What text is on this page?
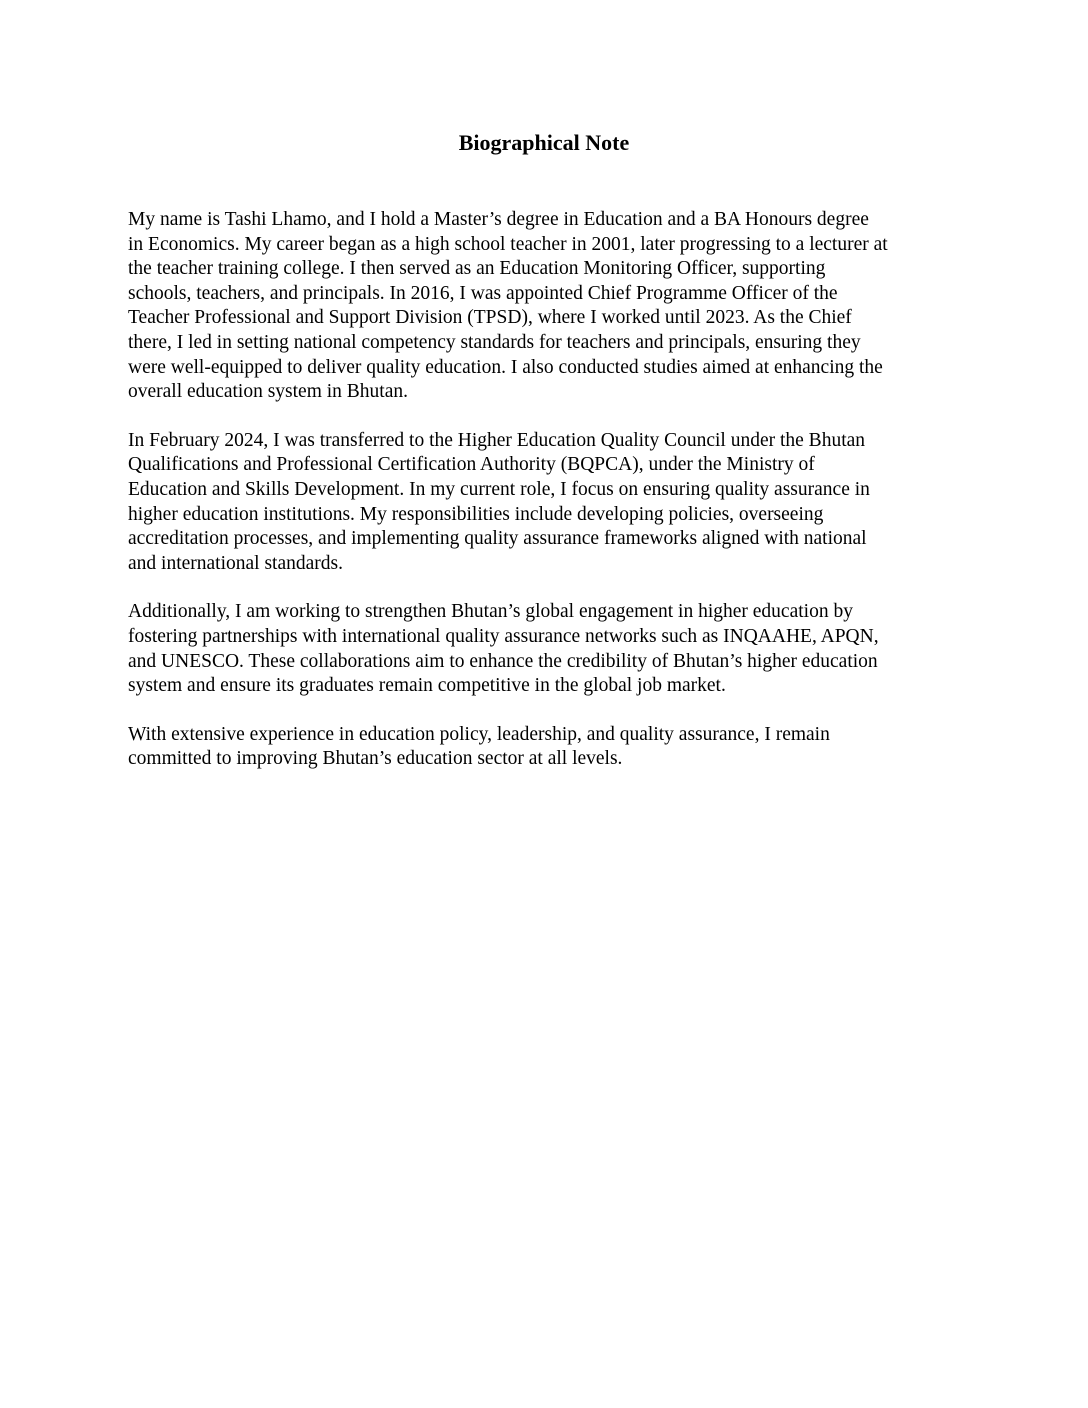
Biographical Note

My name is Tashi Lhamo, and I hold a Master’s degree in Education and a BA Honours degree
in Economics. My career began as a high school teacher in 2001, later progressing to a lecturer at
the teacher training college. I then served as an Education Monitoring Officer, supporting
schools, teachers, and principals. In 2016, I was appointed Chief Programme Officer of the
Teacher Professional and Support Division (TPSD), where I worked until 2023. As the Chief
there, I led in setting national competency standards for teachers and principals, ensuring they
were well-equipped to deliver quality education. I also conducted studies aimed at enhancing the
overall education system in Bhutan.

In February 2024, I was transferred to the Higher Education Quality Council under the Bhutan
Qualifications and Professional Certification Authority (BQPCA), under the Ministry of
Education and Skills Development. In my current role, I focus on ensuring quality assurance in
higher education institutions. My responsibilities include developing policies, overseeing
accreditation processes, and implementing quality assurance frameworks aligned with national
and international standards.

Additionally, I am working to strengthen Bhutan’s global engagement in higher education by
fostering partnerships with international quality assurance networks such as INQAAHE, APQN,
and UNESCO. These collaborations aim to enhance the credibility of Bhutan’s higher education
system and ensure its graduates remain competitive in the global job market.

With extensive experience in education policy, leadership, and quality assurance, I remain
committed to improving Bhutan’s education sector at all levels.
